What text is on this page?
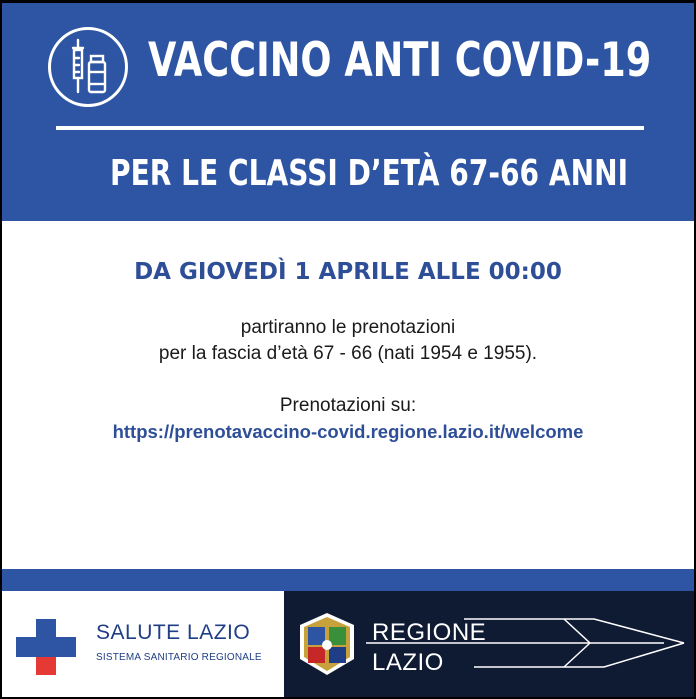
VACCINO ANTI COVID-19
PER LE CLASSI D’ETÀ 67-66 ANNI
DA GIOVEDÌ 1 APRILE ALLE 00:00
partiranno le prenotazioni
per la fascia d’età 67 - 66 (nati 1954 e 1955).
Prenotazioni su:
https://prenotavaccino-covid.regione.lazio.it/welcome
SALUTE LAZIO
SISTEMA SANITARIO REGIONALE
REGIONE
LAZIO
